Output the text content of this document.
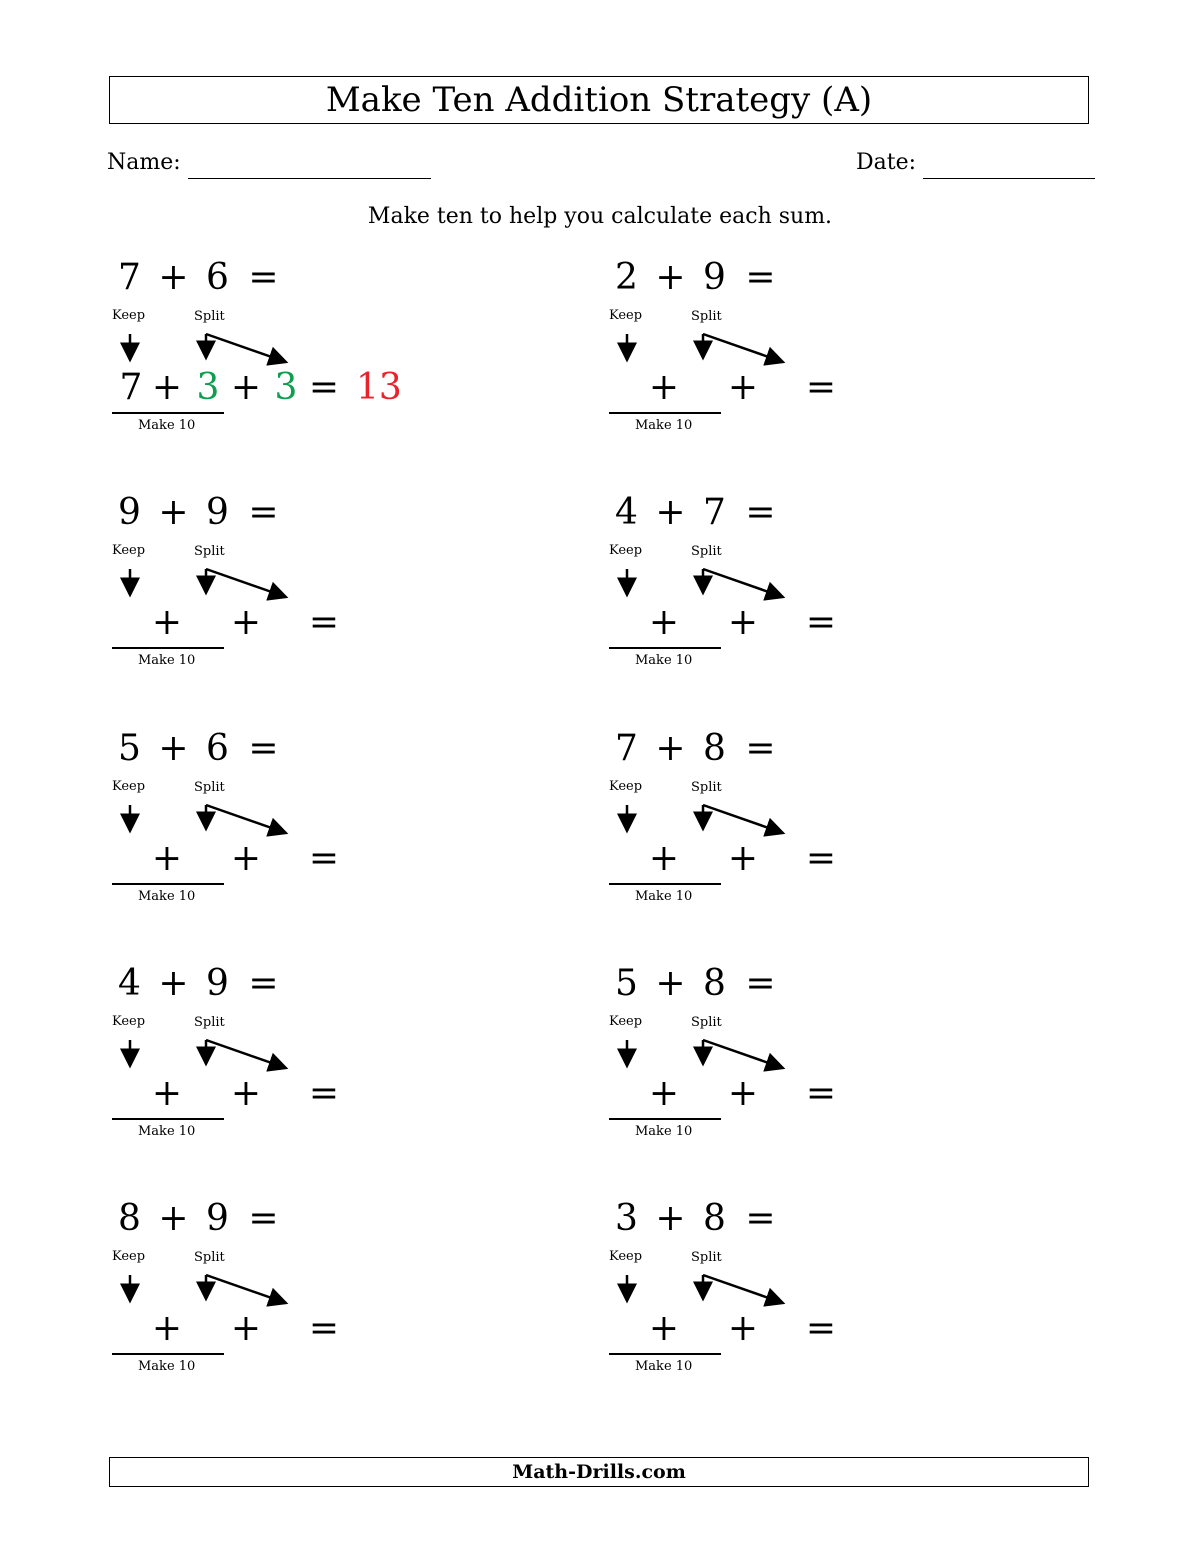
Make Ten Addition Strategy (A)
Name:	Date:
Make ten to help you calculate each sum.
7 + 6 =
Keep	Split
7 + 3 + 3 = 13
Make 10
2 + 9 =
Keep	Split
+ + =
Make 10
9 + 9 =
Keep	Split
+ + =
Make 10
4 + 7 =
Keep	Split
+ + =
Make 10
5 + 6 =
Keep	Split
+ + =
Make 10
7 + 8 =
Keep	Split
+ + =
Make 10
4 + 9 =
Keep	Split
+ + =
Make 10
5 + 8 =
Keep	Split
+ + =
Make 10
8 + 9 =
Keep	Split
+ + =
Make 10
3 + 8 =
Keep	Split
+ + =
Make 10
Math-Drills.com
